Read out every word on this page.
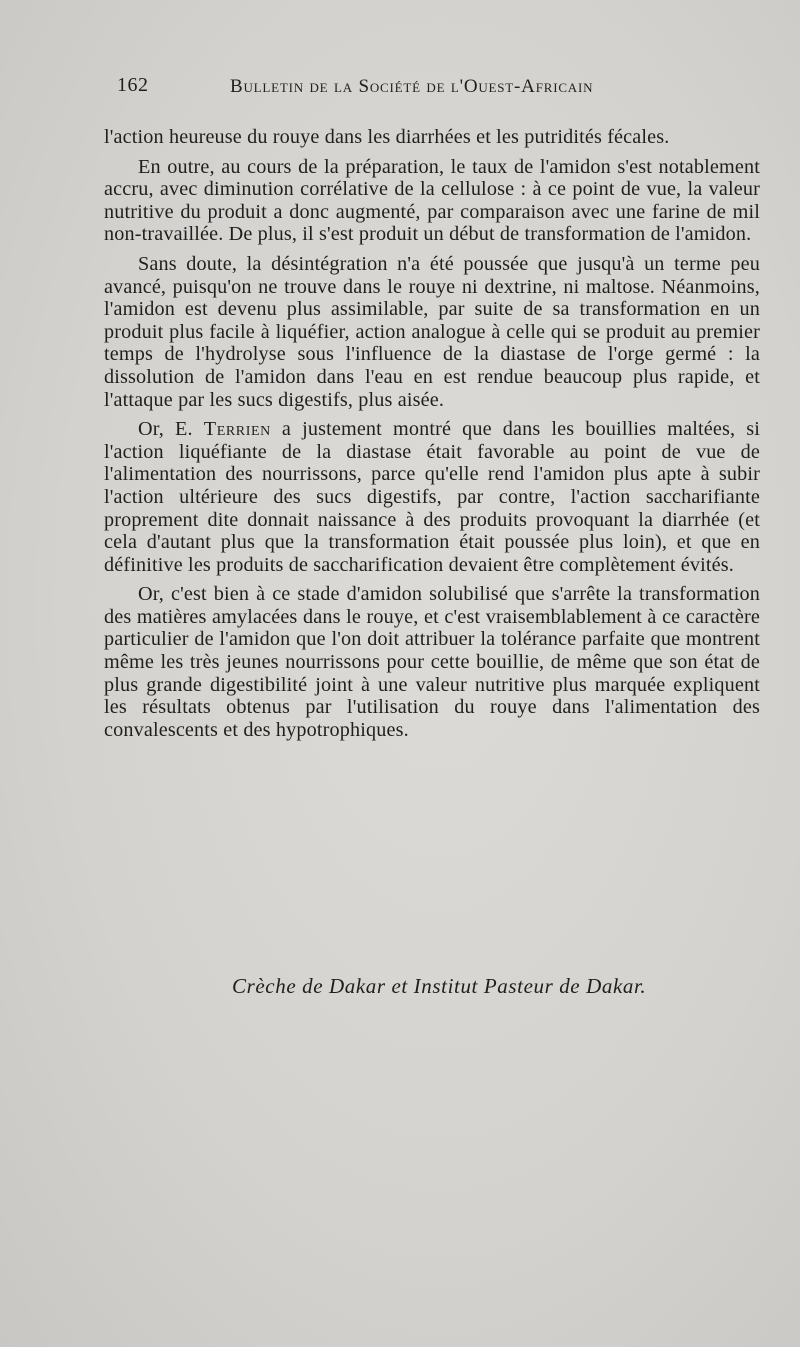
162	Bulletin de la Société de l'Ouest-Africain

l'action heureuse du rouye dans les diarrhées et les putridités fécales.

En outre, au cours de la préparation, le taux de l'amidon s'est notablement accru, avec diminution corrélative de la cellulose : à ce point de vue, la valeur nutritive du produit a donc augmenté, par comparaison avec une farine de mil non-travaillée. De plus, il s'est produit un début de transformation de l'amidon.

Sans doute, la désintégration n'a été poussée que jusqu'à un terme peu avancé, puisqu'on ne trouve dans le rouye ni dextrine, ni maltose. Néanmoins, l'amidon est devenu plus assimilable, par suite de sa transformation en un produit plus facile à liquéfier, action analogue à celle qui se produit au premier temps de l'hydrolyse sous l'influence de la diastase de l'orge germé : la dissolution de l'amidon dans l'eau en est rendue beaucoup plus rapide, et l'attaque par les sucs digestifs, plus aisée.

Or, E. Terrien a justement montré que dans les bouillies maltées, si l'action liquéfiante de la diastase était favorable au point de vue de l'alimentation des nourrissons, parce qu'elle rend l'amidon plus apte à subir l'action ultérieure des sucs digestifs, par contre, l'action saccharifiante proprement dite donnait naissance à des produits provoquant la diarrhée (et cela d'autant plus que la transformation était poussée plus loin), et que en définitive les produits de saccharification devaient être complètement évités.

Or, c'est bien à ce stade d'amidon solubilisé que s'arrête la transformation des matières amylacées dans le rouye, et c'est vraisemblablement à ce caractère particulier de l'amidon que l'on doit attribuer la tolérance parfaite que montrent même les très jeunes nourrissons pour cette bouillie, de même que son état de plus grande digestibilité joint à une valeur nutritive plus marquée expliquent les résultats obtenus par l'utilisation du rouye dans l'alimentation des convalescents et des hypotrophiques.

Crèche de Dakar et Institut Pasteur de Dakar.
